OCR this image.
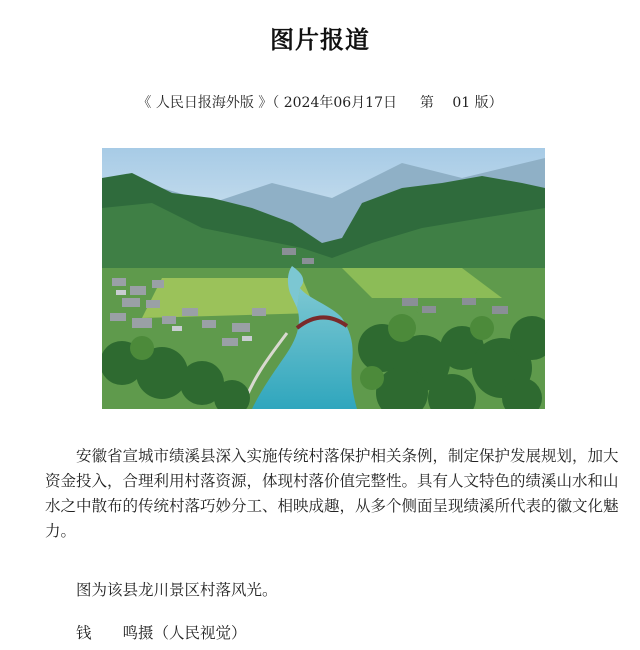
图片报道
《 人民日报海外版 》（ 2024年06月17日 　 第 　01 版）

安徽省宣城市绩溪县深入实施传统村落保护相关条例，制定保护发展规划，加大资金投入，合理利用村落资源，体现村落价值完整性。具有人文特色的绩溪山水和山水之中散布的传统村落巧妙分工、相映成趣，从多个侧面呈现绩溪所代表的徽文化魅力。

图为该县龙川景区村落风光。
钱　　鸣摄（人民视觉）
